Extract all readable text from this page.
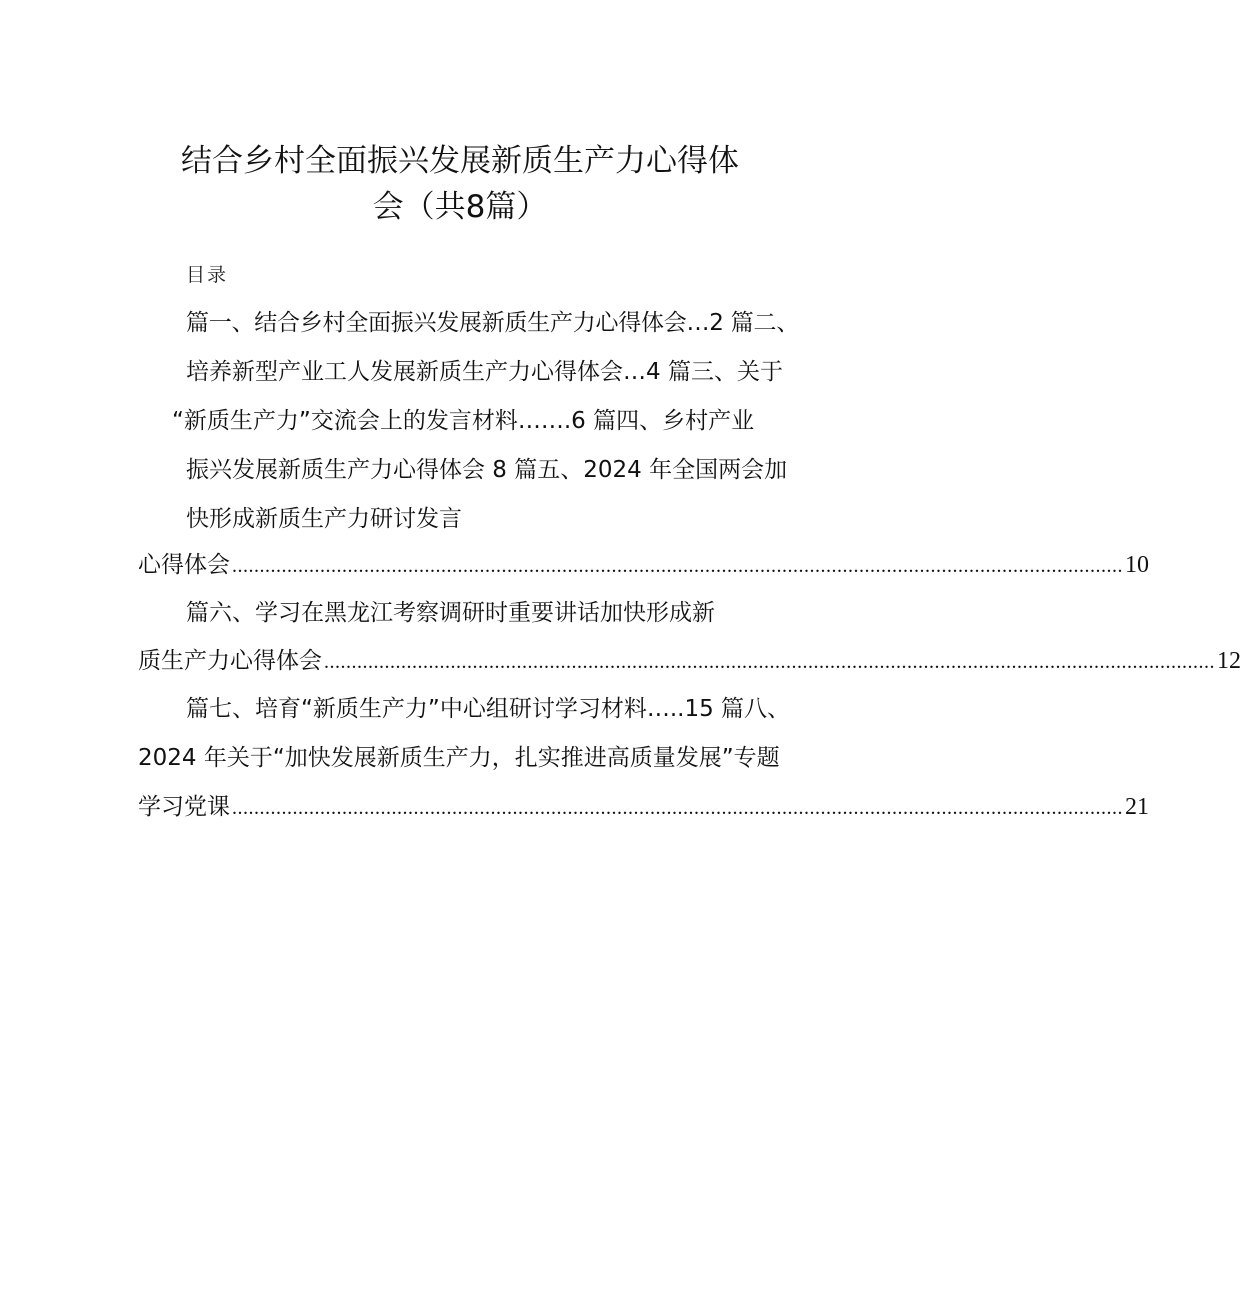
结合乡村全面振兴发展新质生产力心得体
会（共8篇）
目录
篇一、结合乡村全面振兴发展新质生产力心得体会…2 篇二、
培养新型产业工人发展新质生产力心得体会…4 篇三、关于
“新质生产力”交流会上的发言材料…….6 篇四、乡村产业
振兴发展新质生产力心得体会 8 篇五、2024 年全国两会加
快形成新质生产力研讨发言
心得体会 .................................................................................................................................................................. 10
篇六、学习在黑龙江考察调研时重要讲话加快形成新
质生产力心得体会 .................................................................................................................................................................. 12
篇七、培育“新质生产力”中心组研讨学习材料…..15 篇八、
2024 年关于“加快发展新质生产力，扎实推进高质量发展”专题
学习党课 .................................................................................................................................................................. 21
